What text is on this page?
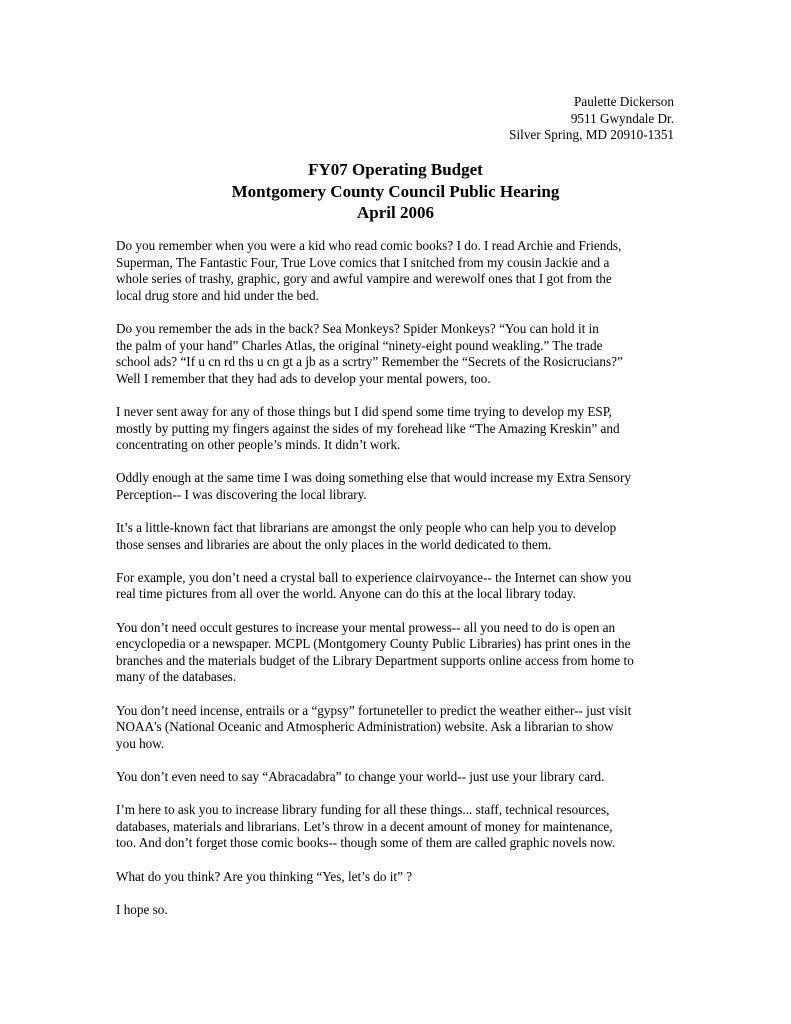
Paulette Dickerson
9511 Gwyndale Dr.
Silver Spring, MD 20910-1351
FY07 Operating Budget
Montgomery County Council Public Hearing
April 2006

Do you remember when you were a kid who read comic books? I do. I read Archie and Friends,
Superman, The Fantastic Four, True Love comics that I snitched from my cousin Jackie and a
whole series of trashy, graphic, gory and awful vampire and werewolf ones that I got from the
local drug store and hid under the bed.

Do you remember the ads in the back? Sea Monkeys? Spider Monkeys? “You can hold it in
the palm of your hand” Charles Atlas, the original “ninety-eight pound weakling.” The trade
school ads? “If u cn rd ths u cn gt a jb as a scrtry” Remember the “Secrets of the Rosicrucians?”
Well I remember that they had ads to develop your mental powers, too.

I never sent away for any of those things but I did spend some time trying to develop my ESP,
mostly by putting my fingers against the sides of my forehead like “The Amazing Kreskin” and
concentrating on other people’s minds. It didn’t work.

Oddly enough at the same time I was doing something else that would increase my Extra Sensory
Perception-- I was discovering the local library.

It’s a little-known fact that librarians are amongst the only people who can help you to develop
those senses and libraries are about the only places in the world dedicated to them.

For example, you don’t need a crystal ball to experience clairvoyance-- the Internet can show you
real time pictures from all over the world. Anyone can do this at the local library today.

You don’t need occult gestures to increase your mental prowess-- all you need to do is open an
encyclopedia or a newspaper. MCPL (Montgomery County Public Libraries) has print ones in the
branches and the materials budget of the Library Department supports online access from home to
many of the databases.

You don’t need incense, entrails or a “gypsy” fortuneteller to predict the weather either-- just visit
NOAA's (National Oceanic and Atmospheric Administration) website. Ask a librarian to show
you how.

You don’t even need to say “Abracadabra” to change your world-- just use your library card.

I’m here to ask you to increase library funding for all these things... staff, technical resources,
databases, materials and librarians. Let’s throw in a decent amount of money for maintenance,
too. And don’t forget those comic books-- though some of them are called graphic novels now.

What do you think? Are you thinking “Yes, let’s do it” ?

I hope so.
